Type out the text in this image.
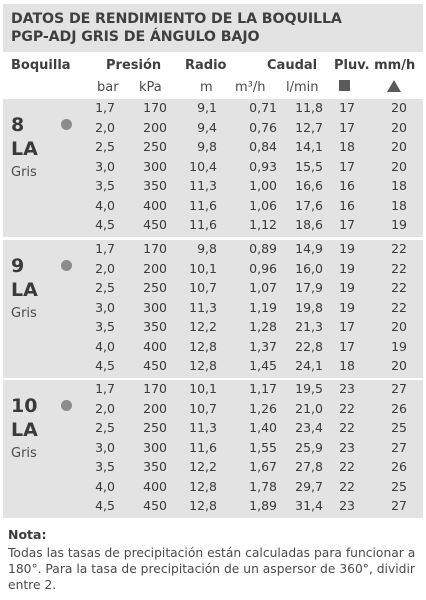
DATOS DE RENDIMIENTO DE LA BOQUILLA
PGP-ADJ GRIS DE ÁNGULO BAJO
Boquilla	Presión Radio	Caudal Pluv. mm/h
bar kPa	m m³/h l/min
8
LA
Gris
1,7	170	9,1	0,71	11,8	17	20
2,0	200	9,4	0,76	12,7	17	20
2,5	250	9,8	0,84	14,1	18	20
3,0	300	10,4	0,93	15,5	17	20
3,5	350	11,3	1,00	16,6	16	18
4,0	400	11,6	1,06	17,6	16	18
4,5	450	11,6	1,12	18,6	17	19
9
LA
Gris
1,7	170	9,8	0,89	14,9	19	22
2,0	200	10,1	0,96	16,0	19	22
2,5	250	10,7	1,07	17,9	19	22
3,0	300	11,3	1,19	19,8	19	22
3,5	350	12,2	1,28	21,3	17	20
4,0	400	12,8	1,37	22,8	17	19
4,5	450	12,8	1,45	24,1	18	20
10
LA
Gris
1,7	170	10,1	1,17	19,5	23	27
2,0	200	10,7	1,26	21,0	22	26
2,5	250	11,3	1,40	23,4	22	25
3,0	300	11,6	1,55	25,9	23	27
3,5	350	12,2	1,67	27,8	22	26
4,0	400	12,8	1,78	29,7	22	25
4,5	450	12,8	1,89	31,4	23	27
Nota:
Todas las tasas de precipitación están calculadas para funcionar a 180°. Para la tasa de precipitación de un aspersor de 360°, dividir entre 2.
